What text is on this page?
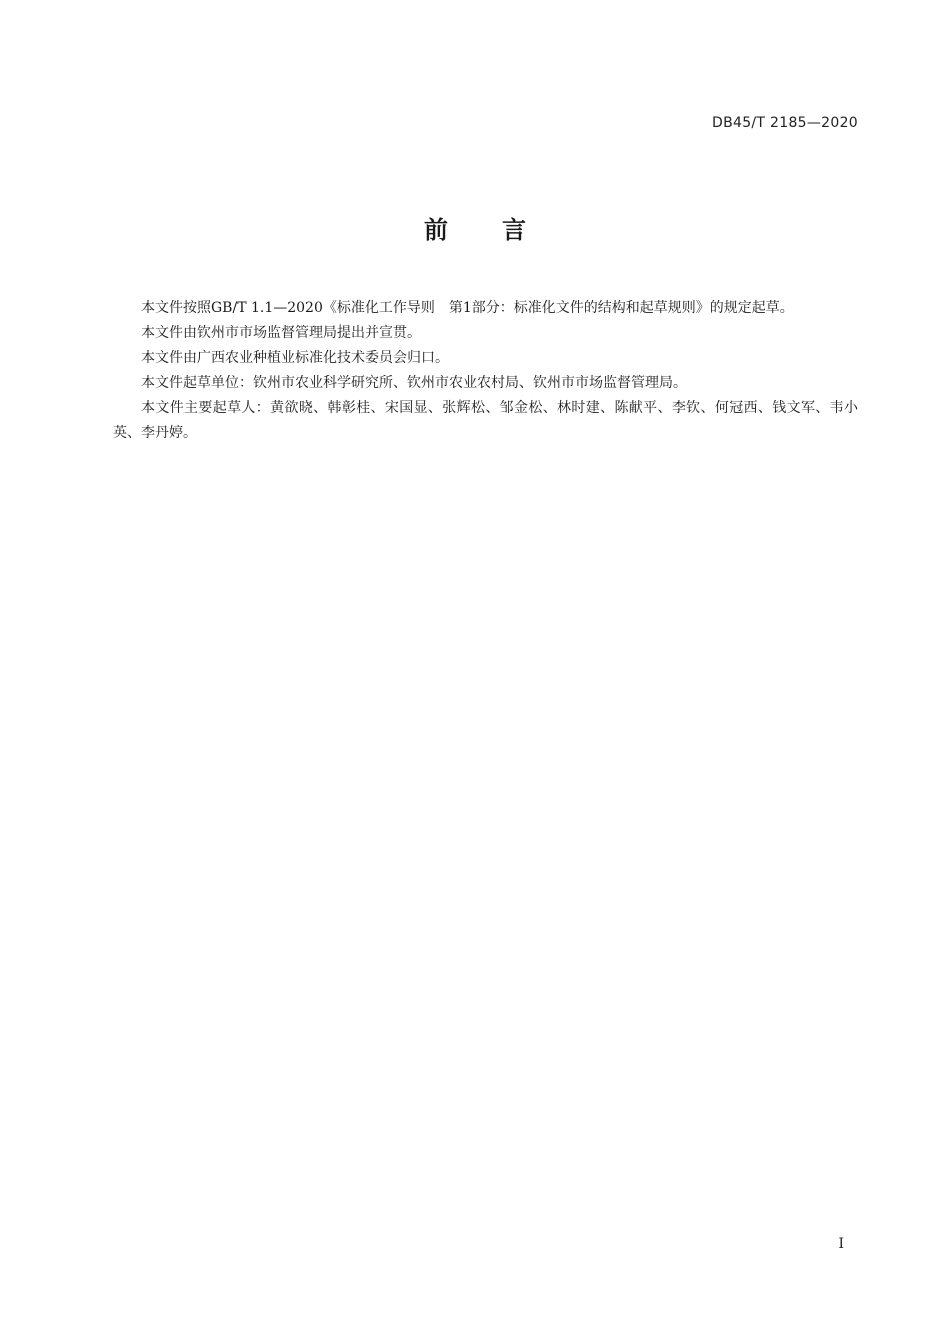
DB45/T 2185—2020
前 言

本文件按照GB/T 1.1—2020《标准化工作导则　第1部分：标准化文件的结构和起草规则》的规定起草。

本文件由钦州市市场监督管理局提出并宣贯。

本文件由广西农业种植业标准化技术委员会归口。

本文件起草单位：钦州市农业科学研究所、钦州市农业农村局、钦州市市场监督管理局。

本文件主要起草人：黄欲晓、韩彰桂、宋国显、张辉松、邹金松、林时建、陈献平、李钦、何冠西、钱文军、韦小英、李丹婷。

I
